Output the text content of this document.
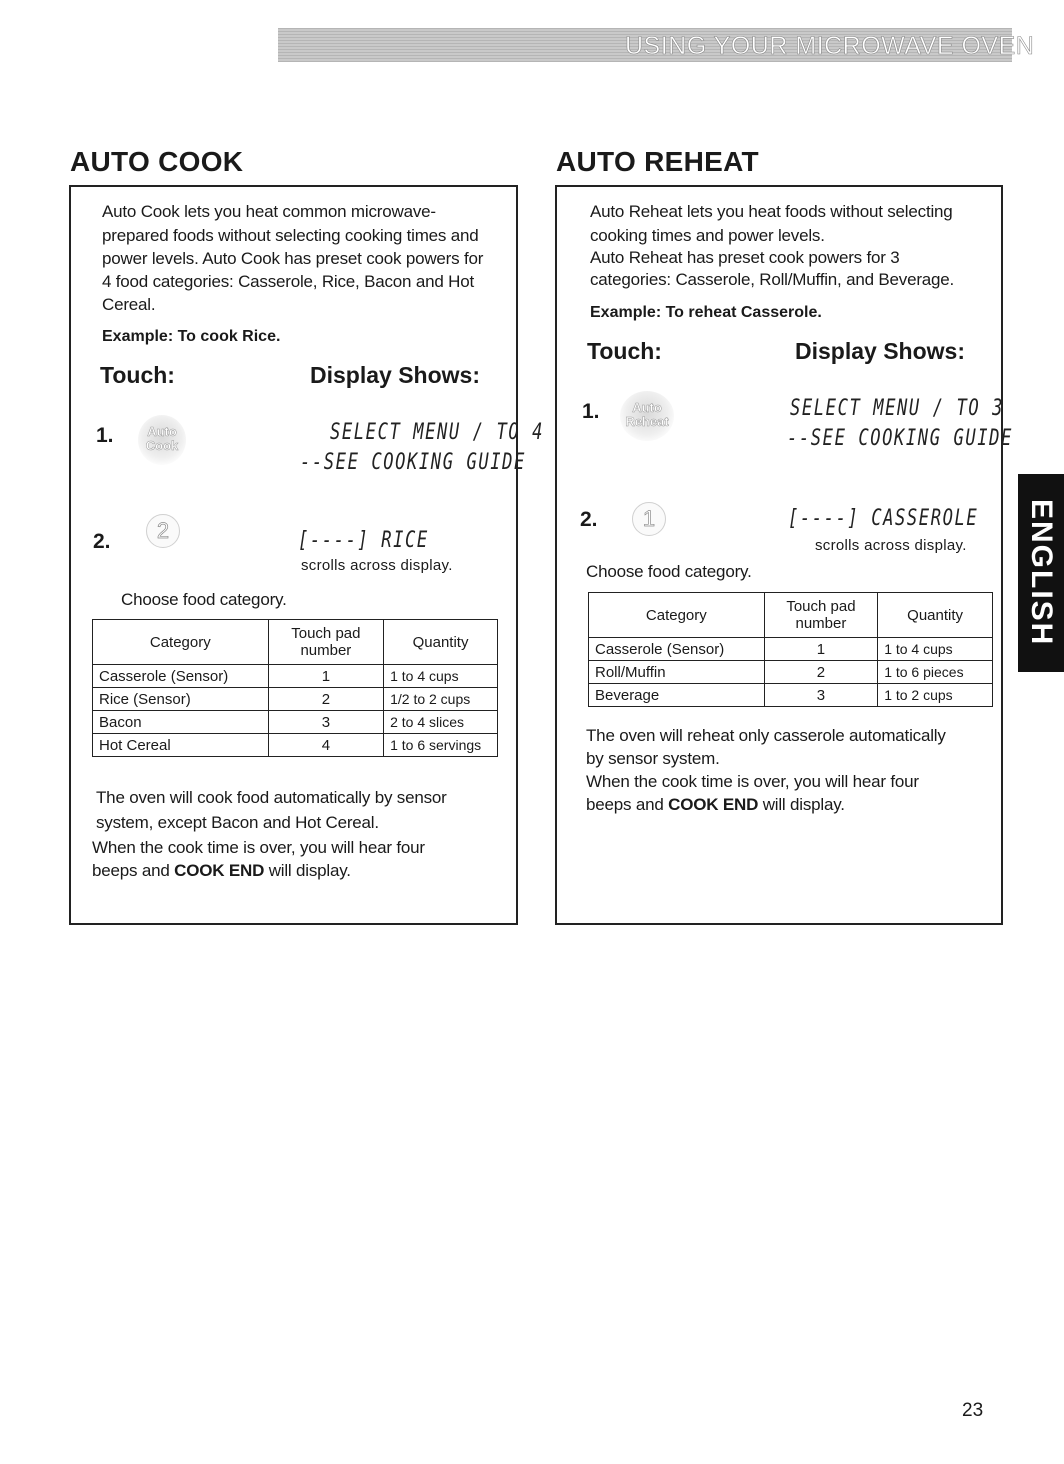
USING YOUR MICROWAVE OVEN
AUTO COOK
Auto Cook lets you heat common microwave-
prepared foods without selecting cooking times and
power levels. Auto Cook has preset cook powers for
4 food categories: Casserole, Rice, Bacon and Hot
Cereal.
Example: To cook Rice.
Touch:	Display Shows:
1.	Auto
Cook
SELECT MENU / TO 4
--SEE COOKING GUIDE
2.	2	[----] RICE
scrolls across display.
Choose food category.
Category	Touch pad number	Quantity
Casserole (Sensor)	1	1 to 4 cups
Rice (Sensor)	2	1/2 to 2 cups
Bacon	3	2 to 4 slices
Hot Cereal	4	1 to 6 servings
The oven will cook food automatically by sensor
system, except Bacon and Hot Cereal.
When the cook time is over, you will hear four
beeps and COOK END will display.
AUTO REHEAT
Auto Reheat lets you heat foods without selecting
cooking times and power levels.
Auto Reheat has preset cook powers for 3
categories: Casserole, Roll/Muffin, and Beverage.
Example: To reheat Casserole.
Touch:	Display Shows:
1.	Auto
Reheat
SELECT MENU / TO 3
--SEE COOKING GUIDE
2.	1	[----] CASSEROLE
scrolls across display.
Choose food category.
Category	Touch pad number	Quantity
Casserole (Sensor)	1	1 to 4 cups
Roll/Muffin	2	1 to 6 pieces
Beverage	3	1 to 2 cups
The oven will reheat only casserole automatically
by sensor system.
When the cook time is over, you will hear four
beeps and COOK END will display.
ENGLISH
23
